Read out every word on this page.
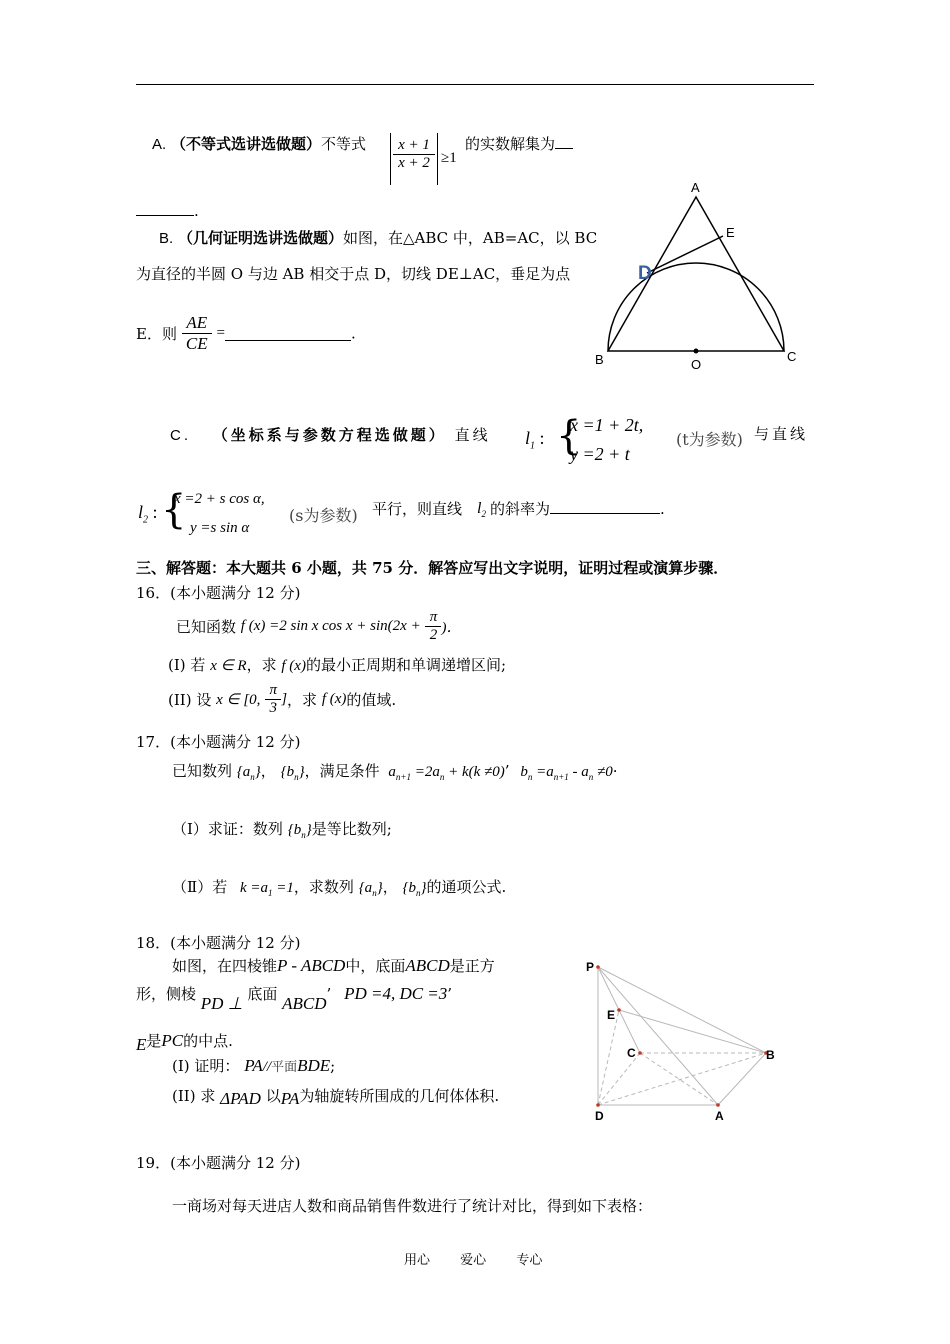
A. （不等式选讲选做题）不等式 $\frac{x + 1}{x + 2} \ge 1$
的实数解集为
.
B. （几何证明选讲选做题）如图，在△ABC 中，AB=AC，以 BC
为直径的半圆 O 与边 AB 相交于点 D，切线 DE⊥AC，垂足为点
E．则 $\frac{AE}{CE}$ =	.
A
E
D
B	O
C
C. （坐标系与参数方程选做题） 直线 $l_1$ : {
x =1 + 2t,
y =2 + t
(t为参数) 与直线
$l_2$ : {
x =2 + s cos α,
y =s sin α
(s为参数) 平行，则直线 $l_2$ 的斜率为	.
三、解答题：本大题共 6 小题，共 75 分．解答应写出文字说明，证明过程或演算步骤．
16．(本小题满分 12 分)
已知函数 f (x) =2 sin x $\cos x + \sin(2x + \frac{\pi}{2}$ )．
(I) 若 x ∈ R，求 f (x)的最小正周期和单调递增区间;
(II) 设 x ∈ [0, $\frac{\pi}{3}$ ]，求 f (x)的值域.
17．(本小题满分 12 分)
已知数列 $\{a_n\}$， $\{b_n\}$，满足条件 $a_{n+1} =2a_n + k(k \ne 0)$’ $b_n =a_{n+1} - a_n \ne 0\cdot$
（Ⅰ）求证：数列 $\{b_n\}$是等比数列;
（Ⅱ）若 $k =a_1 =1$，求数列 $\{a_n\}$， $\{b_n\}$的通项公式.
18．(本小题满分 12 分)
如图，在四棱锥P - ABCD中，底面ABCD是正方
形，侧棱 PD ⊥ 底面 ABCD’ PD =4, DC =3’
E是PC的中点.
(I) 证明： PA//平面BDE;
(II) 求 ΔPAD 以PA为轴旋转所围成的几何体体积.
P
E
C	B
D	A
19．(本小题满分 12 分)
一商场对每天进店人数和商品销售件数进行了统计对比，得到如下表格：
用心 爱心 专心
